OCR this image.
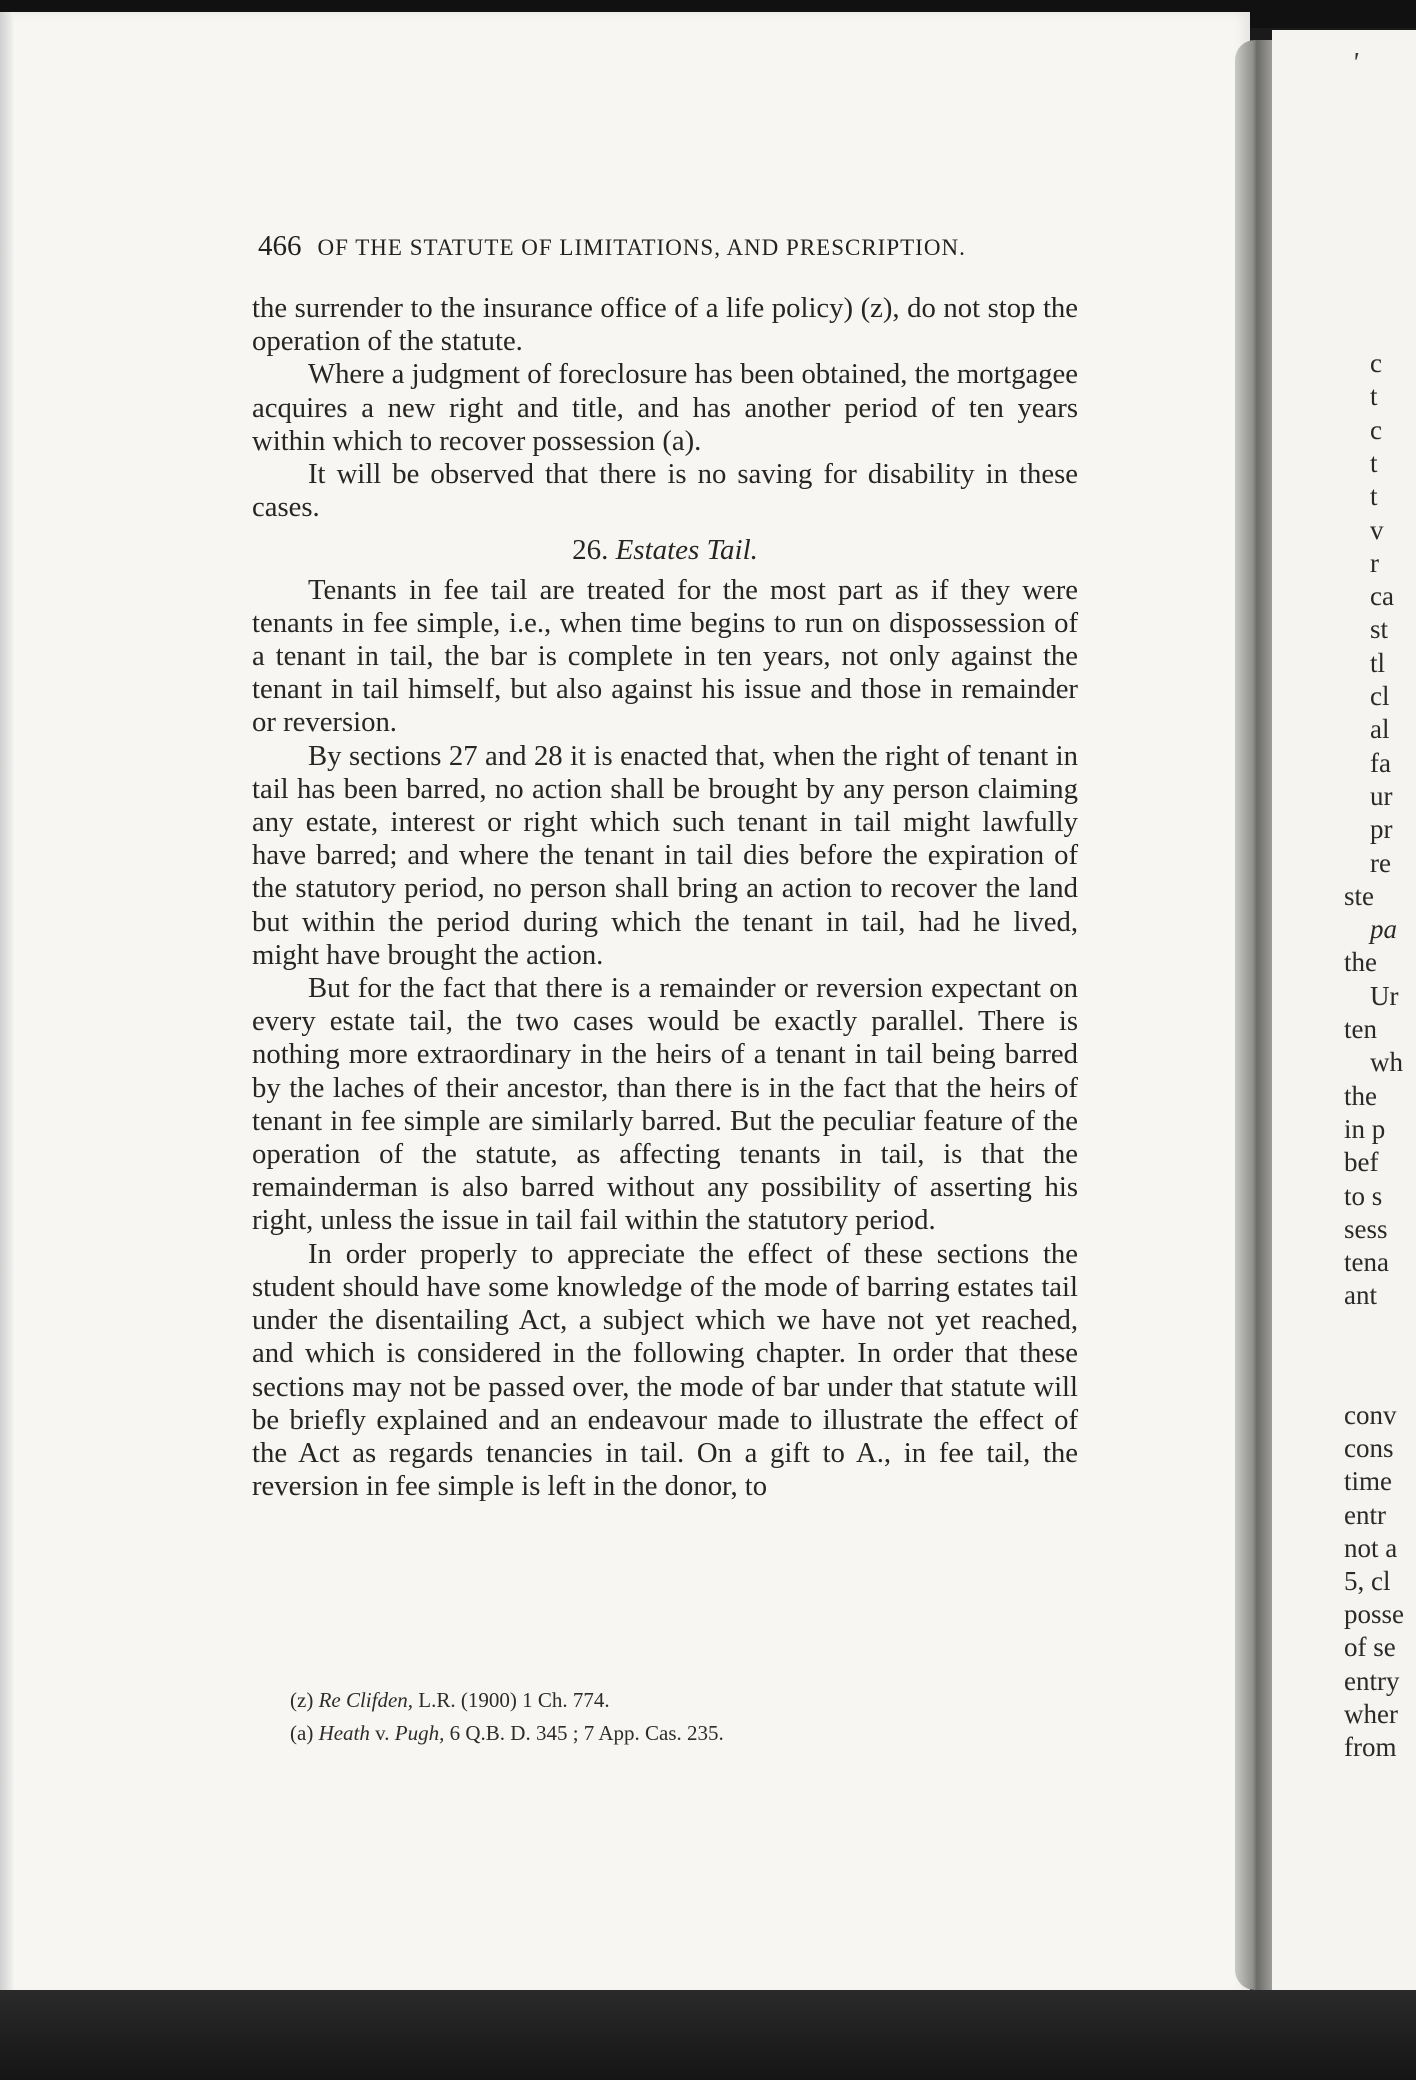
466 OF THE STATUTE OF LIMITATIONS, AND PRESCRIPTION.

the surrender to the insurance office of a life policy) (z), do not stop the operation of the statute.

Where a judgment of foreclosure has been obtained, the mortgagee acquires a new right and title, and has another period of ten years within which to recover possession (a).

It will be observed that there is no saving for disability in these cases.

26. Estates Tail.

Tenants in fee tail are treated for the most part as if they were tenants in fee simple, i.e., when time begins to run on dispossession of a tenant in tail, the bar is complete in ten years, not only against the tenant in tail himself, but also against his issue and those in remainder or reversion.

By sections 27 and 28 it is enacted that, when the right of tenant in tail has been barred, no action shall be brought by any person claiming any estate, interest or right which such tenant in tail might lawfully have barred; and where the tenant in tail dies before the expiration of the statutory period, no person shall bring an action to recover the land but within the period during which the tenant in tail, had he lived, might have brought the action.

But for the fact that there is a remainder or reversion expectant on every estate tail, the two cases would be exactly parallel. There is nothing more extraordinary in the heirs of a tenant in tail being barred by the laches of their ancestor, than there is in the fact that the heirs of tenant in fee simple are similarly barred. But the peculiar feature of the operation of the statute, as affecting tenants in tail, is that the remainderman is also barred without any possibility of asserting his right, unless the issue in tail fail within the statutory period.

In order properly to appreciate the effect of these sections the student should have some knowledge of the mode of barring estates tail under the disentailing Act, a subject which we have not yet reached, and which is considered in the following chapter. In order that these sections may not be passed over, the mode of bar under that statute will be briefly explained and an endeavour made to illustrate the effect of the Act as regards tenancies in tail. On a gift to A., in fee tail, the reversion in fee simple is left in the donor, to

(z) Re Clifden, L.R. (1900) 1 Ch. 774.

(a) Heath v. Pugh, 6 Q.B. D. 345 ; 7 App. Cas. 235.

'
c
t
c
t
t
v
r
ca
st
tl
cl
al
fa
ur
pr
re
ste
pa
the
Ur
ten
wh
the
in p
bef
to s
sess
tena
ant
conv
cons
time
entr
not a
5, cl
posse
of se
entry
wher
from
